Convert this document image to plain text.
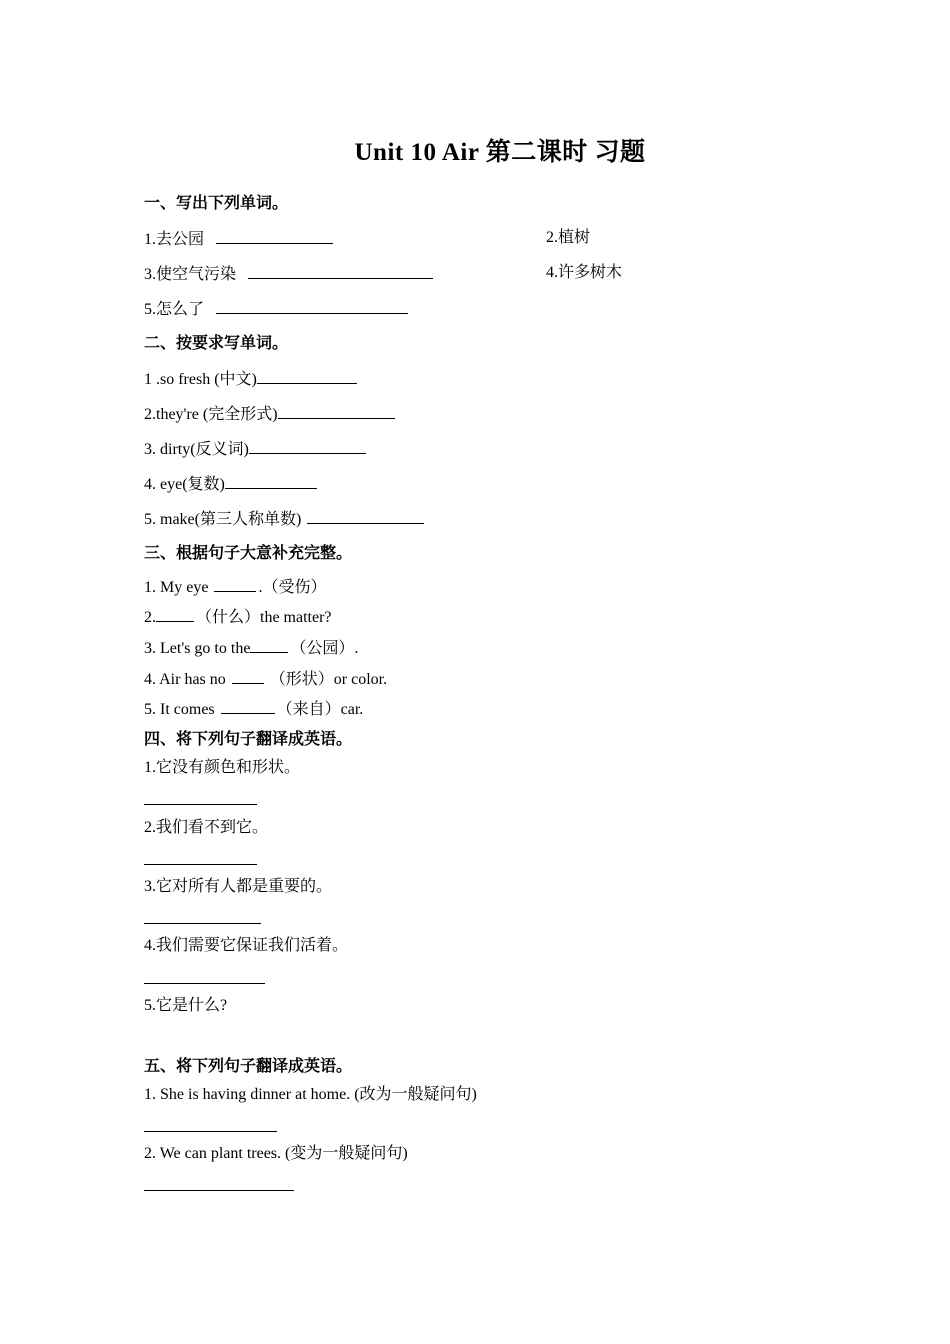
Unit 10 Air 第二课时 习题
一、写出下列单词。
1.去公园	2.植树
3.使空气污染	4.许多树木
5.怎么了
二、按要求写单词。
1 .so fresh (中文)
2.they're (完全形式)
3. dirty(反义词)
4. eye(复数)
5. make(第三人称单数)
三、根据句子大意补充完整。
1. My eye	.（受伤）
2.	（什么）the matter?
3. Let's go to the	（公园）.
4. Air has no  （形状）or color.
5. It comes	（来自）car.
四、将下列句子翻译成英语。
1.它没有颜色和形状。
2.我们看不到它。
3.它对所有人都是重要的。
4.我们需要它保证我们活着。
5.它是什么?
五、将下列句子翻译成英语。
1. She is having dinner at home. (改为一般疑问句)
2. We can plant trees. (变为一般疑问句)
